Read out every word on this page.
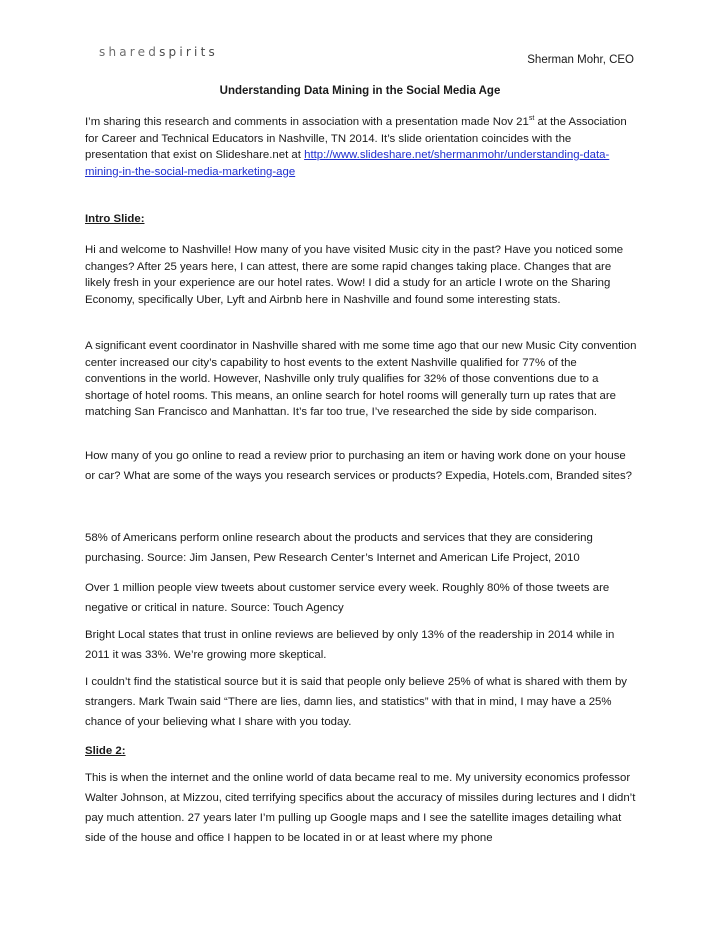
sharedspirits
Sherman Mohr, CEO
Understanding Data Mining in the Social Media Age

I’m sharing this research and comments in association with a presentation made Nov 21st at the Association for Career and Technical Educators in Nashville, TN 2014. It’s slide orientation coincides with the presentation that exist on Slideshare.net at http://www.slideshare.net/shermanmohr/understanding-data-mining-in-the-social-media-marketing-age

Intro Slide:

Hi and welcome to Nashville! How many of you have visited Music city in the past? Have you noticed some changes? After 25 years here, I can attest, there are some rapid changes taking place. Changes that are likely fresh in your experience are our hotel rates. Wow! I did a study for an article I wrote on the Sharing Economy, specifically Uber, Lyft and Airbnb here in Nashville and found some interesting stats.

A significant event coordinator in Nashville shared with me some time ago that our new Music City convention center increased our city’s capability to host events to the extent Nashville qualified for 77% of the conventions in the world. However, Nashville only truly qualifies for 32% of those conventions due to a shortage of hotel rooms. This means, an online search for hotel rooms will generally turn up rates that are matching San Francisco and Manhattan. It’s far too true, I’ve researched the side by side comparison.

How many of you go online to read a review prior to purchasing an item or having work done on your house or car? What are some of the ways you research services or products? Expedia, Hotels.com, Branded sites?

58% of Americans perform online research about the products and services that they are considering purchasing. Source: Jim Jansen, Pew Research Center’s Internet and American Life Project, 2010

Over 1 million people view tweets about customer service every week. Roughly 80% of those tweets are negative or critical in nature. Source: Touch Agency

Bright Local states that trust in online reviews are believed by only 13% of the readership in 2014 while in 2011 it was 33%. We’re growing more skeptical.

I couldn’t find the statistical source but it is said that people only believe 25% of what is shared with them by strangers. Mark Twain said “There are lies, damn lies, and statistics” with that in mind, I may have a 25% chance of your believing what I share with you today.

Slide 2:

This is when the internet and the online world of data became real to me. My university economics professor Walter Johnson, at Mizzou, cited terrifying specifics about the accuracy of missiles during lectures and I didn’t pay much attention. 27 years later I’m pulling up Google maps and I see the satellite images detailing what side of the house and office I happen to be located in or at least where my phone
